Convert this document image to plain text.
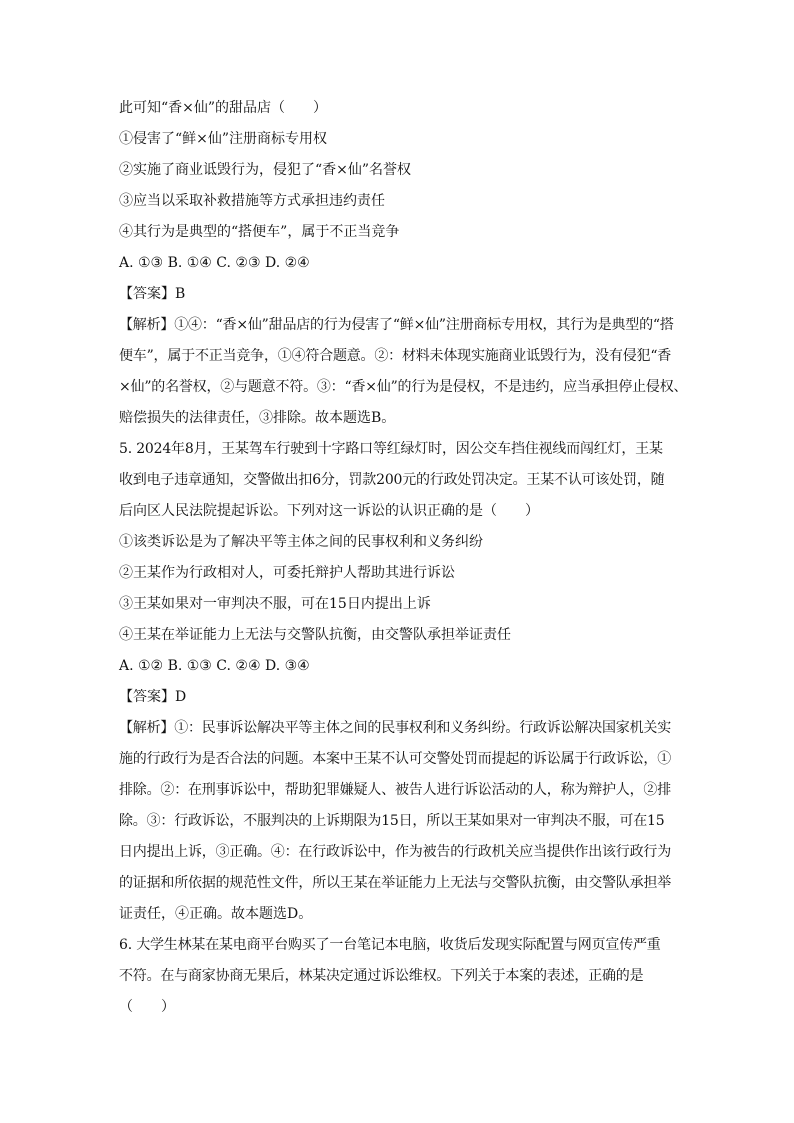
此可知“香×仙”的甜品店（　　）
①侵害了“鲜×仙”注册商标专用权
②实施了商业诋毁行为，侵犯了“香×仙”名誉权
③应当以采取补救措施等方式承担违约责任
④其行为是典型的“搭便车”，属于不正当竞争
A. ①③ B. ①④ C. ②③ D. ②④
【答案】B
【解析】①④：“香×仙”甜品店的行为侵害了“鲜×仙”注册商标专用权，其行为是典型的“搭
便车”，属于不正当竞争，①④符合题意。②：材料未体现实施商业诋毁行为，没有侵犯“香
×仙”的名誉权，②与题意不符。③：“香×仙”的行为是侵权，不是违约，应当承担停止侵权、
赔偿损失的法律责任，③排除。故本题选B。
5. 2024年8月，王某驾车行驶到十字路口等红绿灯时，因公交车挡住视线而闯红灯，王某
收到电子违章通知，交警做出扣6分，罚款200元的行政处罚决定。王某不认可该处罚，随
后向区人民法院提起诉讼。下列对这一诉讼的认识正确的是（　　）
①该类诉讼是为了解决平等主体之间的民事权利和义务纠纷
②王某作为行政相对人，可委托辩护人帮助其进行诉讼
③王某如果对一审判决不服，可在15日内提出上诉
④王某在举证能力上无法与交警队抗衡，由交警队承担举证责任
A. ①② B. ①③ C. ②④ D. ③④
【答案】D
【解析】①：民事诉讼解决平等主体之间的民事权利和义务纠纷。行政诉讼解决国家机关实
施的行政行为是否合法的问题。本案中王某不认可交警处罚而提起的诉讼属于行政诉讼，①
排除。②：在刑事诉讼中，帮助犯罪嫌疑人、被告人进行诉讼活动的人，称为辩护人，②排
除。③：行政诉讼，不服判决的上诉期限为15日，所以王某如果对一审判决不服，可在15
日内提出上诉，③正确。④：在行政诉讼中，作为被告的行政机关应当提供作出该行政行为
的证据和所依据的规范性文件，所以王某在举证能力上无法与交警队抗衡，由交警队承担举
证责任，④正确。故本题选D。
6. 大学生林某在某电商平台购买了一台笔记本电脑，收货后发现实际配置与网页宣传严重
不符。在与商家协商无果后，林某决定通过诉讼维权。下列关于本案的表述，正确的是
（　　）
